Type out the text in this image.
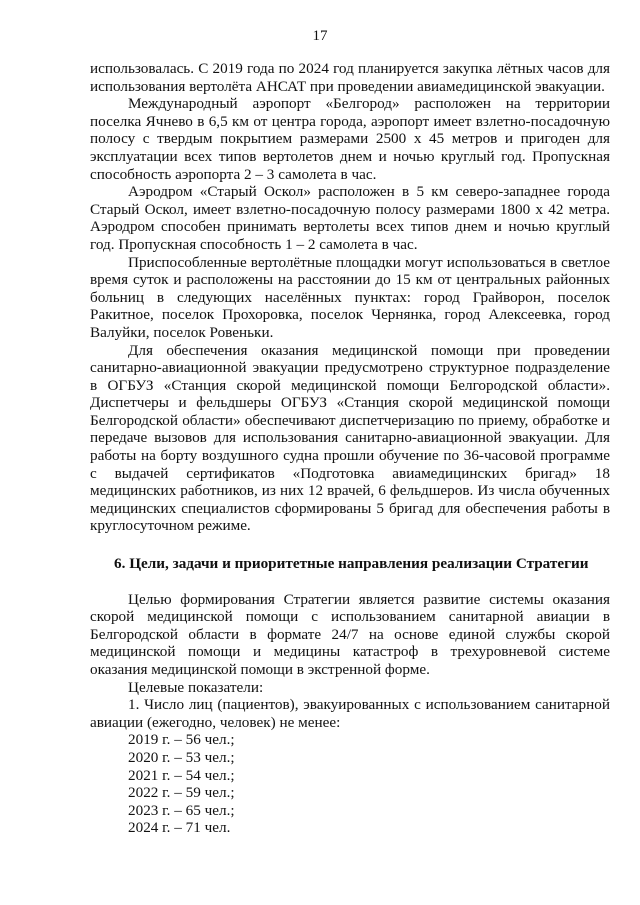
17

использовалась. С 2019 года по 2024 год планируется закупка лётных часов для использования вертолёта АНСАТ при проведении авиамедицинской эвакуации.

Международный аэропорт «Белгород» расположен на территории поселка Ячнево в 6,5 км от центра города, аэропорт имеет взлетно-посадочную полосу с твердым покрытием размерами 2500 х 45 метров и пригоден для эксплуатации всех типов вертолетов днем и ночью круглый год. Пропускная способность аэропорта 2 – 3 самолета в час.

Аэродром «Старый Оскол» расположен в 5 км северо-западнее города Старый Оскол, имеет взлетно-посадочную полосу размерами 1800 х 42 метра. Аэродром способен принимать вертолеты всех типов днем и ночью круглый год. Пропускная способность 1 – 2 самолета в час.

Приспособленные вертолётные площадки могут использоваться в светлое время суток и расположены на расстоянии до 15 км от центральных районных больниц в следующих населённых пунктах: город Грайворон, поселок Ракитное, поселок Прохоровка, поселок Чернянка, город Алексеевка, город Валуйки, поселок Ровеньки.

Для обеспечения оказания медицинской помощи при проведении санитарно-авиационной эвакуации предусмотрено структурное подразделение в ОГБУЗ «Станция скорой медицинской помощи Белгородской области». Диспетчеры и фельдшеры ОГБУЗ «Станция скорой медицинской помощи Белгородской области» обеспечивают диспетчеризацию по приему, обработке и передаче вызовов для использования санитарно-авиационной эвакуации. Для работы на борту воздушного судна прошли обучение по 36-часовой программе с выдачей сертификатов «Подготовка авиамедицинских бригад» 18 медицинских работников, из них 12 врачей, 6 фельдшеров. Из числа обученных медицинских специалистов сформированы 5 бригад для обеспечения работы в круглосуточном режиме.

6. Цели, задачи и приоритетные направления реализации Стратегии

Целью формирования Стратегии является развитие системы оказания скорой медицинской помощи с использованием санитарной авиации в Белгородской области в формате 24/7 на основе единой службы скорой медицинской помощи и медицины катастроф в трехуровневой системе оказания медицинской помощи в экстренной форме.

Целевые показатели:

1. Число лиц (пациентов), эвакуированных с использованием санитарной авиации (ежегодно, человек) не менее:

2019 г. – 56 чел.;
2020 г. – 53 чел.;
2021 г. – 54 чел.;
2022 г. – 59 чел.;
2023 г. – 65 чел.;
2024 г. – 71 чел.
